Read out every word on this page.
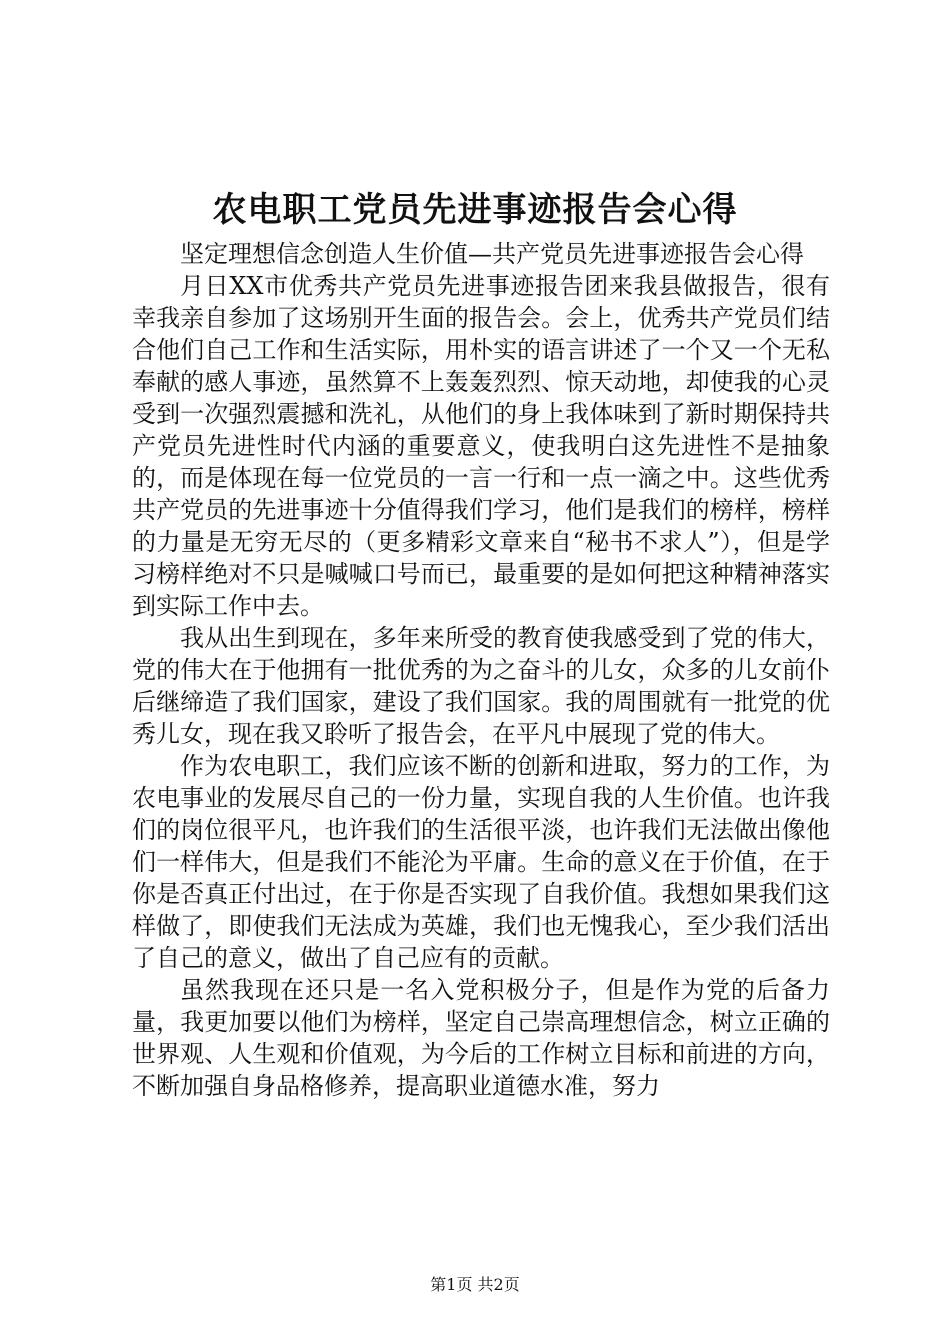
农电职工党员先进事迹报告会心得

坚定理想信念创造人生价值—共产党员先进事迹报告会心得

月日XX市优秀共产党员先进事迹报告团来我县做报告，很有幸我亲自参加了这场别开生面的报告会。会上，优秀共产党员们结合他们自己工作和生活实际，用朴实的语言讲述了一个又一个无私奉献的感人事迹，虽然算不上轰轰烈烈、惊天动地，却使我的心灵受到一次强烈震撼和洗礼，从他们的身上我体味到了新时期保持共产党员先进性时代内涵的重要意义，使我明白这先进性不是抽象的，而是体现在每一位党员的一言一行和一点一滴之中。这些优秀共产党员的先进事迹十分值得我们学习，他们是我们的榜样，榜样的力量是无穷无尽的（更多精彩文章来自“秘书不求人”），但是学习榜样绝对不只是喊喊口号而已，最重要的是如何把这种精神落实到实际工作中去。

我从出生到现在，多年来所受的教育使我感受到了党的伟大，党的伟大在于他拥有一批优秀的为之奋斗的儿女，众多的儿女前仆后继缔造了我们国家，建设了我们国家。我的周围就有一批党的优秀儿女，现在我又聆听了报告会，在平凡中展现了党的伟大。

作为农电职工，我们应该不断的创新和进取，努力的工作，为农电事业的发展尽自己的一份力量，实现自我的人生价值。也许我们的岗位很平凡，也许我们的生活很平淡，也许我们无法做出像他们一样伟大，但是我们不能沦为平庸。生命的意义在于价值，在于你是否真正付出过，在于你是否实现了自我价值。我想如果我们这样做了，即使我们无法成为英雄，我们也无愧我心，至少我们活出了自己的意义，做出了自己应有的贡献。

虽然我现在还只是一名入党积极分子，但是作为党的后备力量，我更加要以他们为榜样，坚定自己崇高理想信念，树立正确的世界观、人生观和价值观，为今后的工作树立目标和前进的方向，不断加强自身品格修养，提高职业道德水准，努力

第1页 共2页
